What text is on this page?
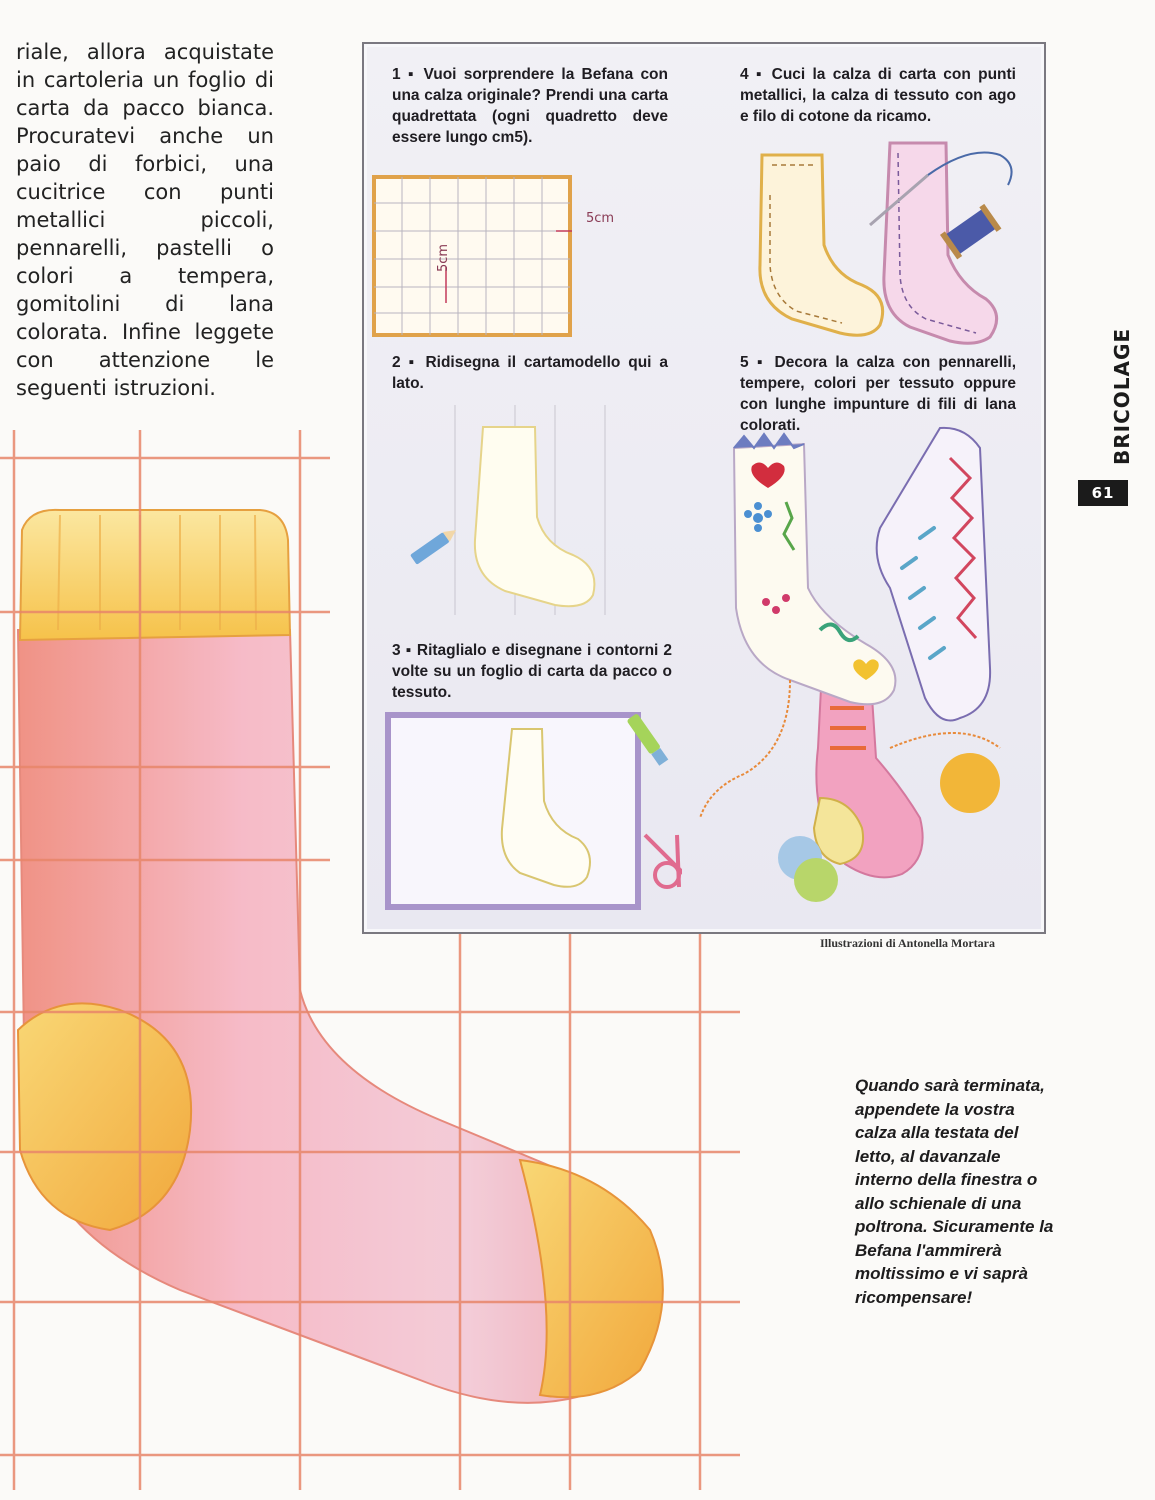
riale, allora acquistate in cartoleria un foglio di carta da pacco bianca. Procuratevi anche un paio di forbici, una cucitrice con punti metallici piccoli, pennarelli, pastelli o colori a tempera, gomitolini di lana colorata. Infine leggete con attenzione le seguenti istruzioni.
1 ▪ Vuoi sorprendere la Befana con una calza originale? Prendi una carta quadrettata (ogni quadretto deve essere lungo cm5).
4 ▪ Cuci la calza di carta con punti metallici, la calza di tessuto con ago e filo di cotone da ricamo.
2 ▪ Ridisegna il cartamodello qui a lato.
5 ▪ Decora la calza con pennarelli, tempere, colori per tessuto oppure con lunghe impunture di fili di lana colorati.
3 ▪ Ritaglialo e disegnane i contorni 2 volte su un foglio di carta da pacco o tessuto.
5cm
5cm
Illustrazioni di Antonella Mortara
Quando sarà terminata, appendete la vostra calza alla testata del letto, al davanzale interno della finestra o allo schienale di una poltrona. Sicuramente la Befana l'ammirerà moltissimo e vi saprà ricompensare!
BRICOLAGE
61
